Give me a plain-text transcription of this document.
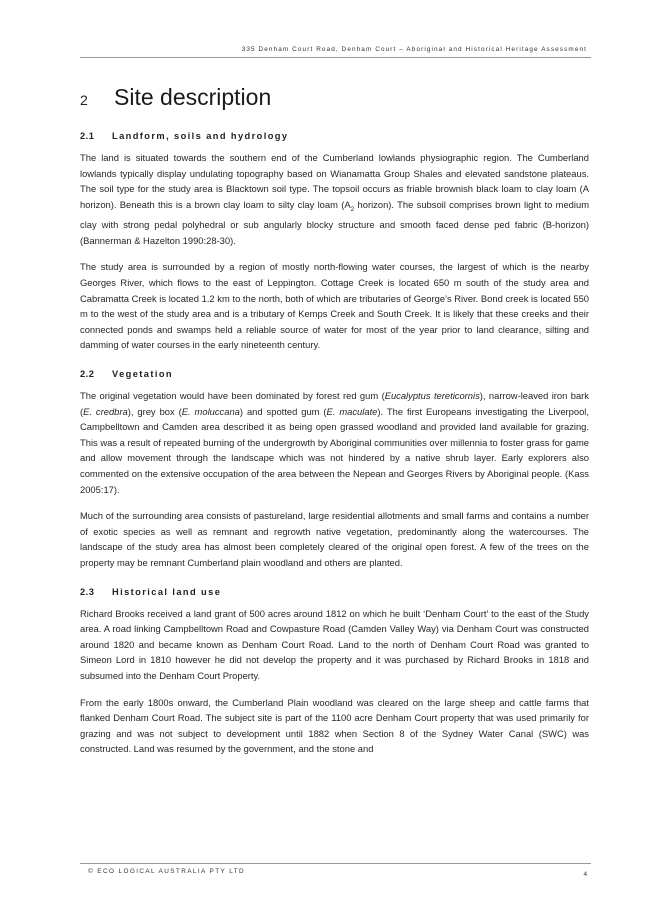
335 Denham Court Road, Denham Court – Aboriginal and Historical Heritage Assessment
2	Site description
2.1	Landform, soils and hydrology

The land is situated towards the southern end of the Cumberland lowlands physiographic region. The Cumberland lowlands typically display undulating topography based on Wianamatta Group Shales and elevated sandstone plateaus. The soil type for the study area is Blacktown soil type. The topsoil occurs as friable brownish black loam to clay loam (A horizon). Beneath this is a brown clay loam to silty clay loam ($A_2$ horizon). The subsoil comprises brown light to medium clay with strong pedal polyhedral or sub angularly blocky structure and smooth faced dense ped fabric (B-horizon) (Bannerman & Hazelton 1990:28-30).

The study area is surrounded by a region of mostly north-flowing water courses, the largest of which is the nearby Georges River, which flows to the east of Leppington. Cottage Creek is located 650 m south of the study area and Cabramatta Creek is located 1.2 km to the north, both of which are tributaries of George’s River. Bond creek is located 550 m to the west of the study area and is a tributary of Kemps Creek and South Creek. It is likely that these creeks and their connected ponds and swamps held a reliable source of water for most of the year prior to land clearance, silting and damming of water courses in the early nineteenth century.

2.2	Vegetation

The original vegetation would have been dominated by forest red gum (Eucalyptus tereticornis), narrow-leaved iron bark (E. credbra), grey box (E. moluccana) and spotted gum (E. maculate). The first Europeans investigating the Liverpool, Campbelltown and Camden area described it as being open grassed woodland and provided land available for grazing. This was a result of repeated burning of the undergrowth by Aboriginal communities over millennia to foster grass for game and allow movement through the landscape which was not hindered by a native shrub layer. Early explorers also commented on the extensive occupation of the area between the Nepean and Georges Rivers by Aboriginal people. (Kass 2005:17).

Much of the surrounding area consists of pastureland, large residential allotments and small farms and contains a number of exotic species as well as remnant and regrowth native vegetation, predominantly along the watercourses. The landscape of the study area has almost been completely cleared of the original open forest. A few of the trees on the property may be remnant Cumberland plain woodland and others are planted.

2.3	Historical land use

Richard Brooks received a land grant of 500 acres around 1812 on which he built ‘Denham Court’ to the east of the Study area. A road linking Campbelltown Road and Cowpasture Road (Camden Valley Way) via Denham Court was constructed around 1820 and became known as Denham Court Road. Land to the north of Denham Court Road was granted to Simeon Lord in 1810 however he did not develop the property and it was purchased by Richard Brooks in 1818 and subsumed into the Denham Court Property.

From the early 1800s onward, the Cumberland Plain woodland was cleared on the large sheep and cattle farms that flanked Denham Court Road. The subject site is part of the 1100 acre Denham Court property that was used primarily for grazing and was not subject to development until 1882 when Section 8 of the Sydney Water Canal (SWC) was constructed. Land was resumed by the government, and the stone and

© ECO LOGICAL AUSTRALIA PTY LTD	4
